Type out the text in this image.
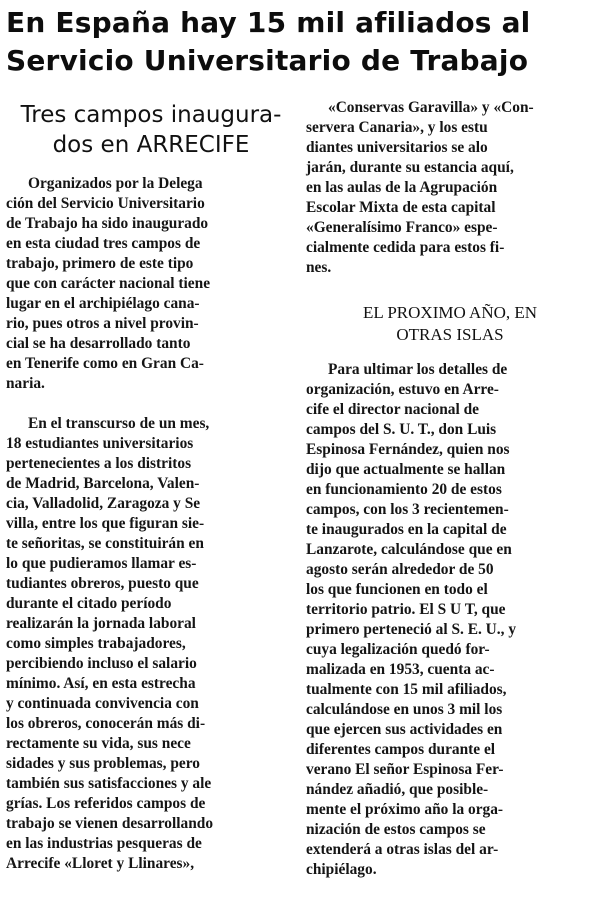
En España hay 15 mil afiliados al
Servicio Universitario de Trabajo
Tres campos inaugura-
dos en ARRECIFE
Organizados por la Delega
ción del Servicio Universitario
de Trabajo ha sido inaugurado
en esta ciudad tres campos de
trabajo, primero de este tipo
que con carácter nacional tiene
lugar en el archipiélago cana-
rio, pues otros a nivel provin-
cial se ha desarrollado tanto
en Tenerife como en Gran Ca-
naria.
En el transcurso de un mes,
18 estudiantes universitarios
pertenecientes a los distritos
de Madrid, Barcelona, Valen-
cia, Valladolid, Zaragoza y Se
villa, entre los que figuran sie-
te señoritas, se constituirán en
lo que pudieramos llamar es-
tudiantes obreros, puesto que
durante el citado período
realizarán la jornada laboral
como simples trabajadores,
percibiendo incluso el salario
mínimo. Así, en esta estrecha
y continuada convivencia con
los obreros, conocerán más di-
rectamente su vida, sus nece
sidades y sus problemas, pero
también sus satisfacciones y ale
grías. Los referidos campos de
trabajo se vienen desarrollando
en las industrias pesqueras de
Arrecife «Lloret y Llinares»,
«Conservas Garavilla» y «Con-
servera Canaria», y los estu
diantes universitarios se alo
jarán, durante su estancia aquí,
en las aulas de la Agrupación
Escolar Mixta de esta capital
«Generalísimo Franco» espe-
cialmente cedida para estos fi-
nes.
EL PROXIMO AÑO, EN
OTRAS ISLAS
Para ultimar los detalles de
organización, estuvo en Arre-
cife el director nacional de
campos del S. U. T., don Luis
Espinosa Fernández, quien nos
dijo que actualmente se hallan
en funcionamiento 20 de estos
campos, con los 3 recientemen-
te inaugurados en la capital de
Lanzarote, calculándose que en
agosto serán alrededor de 50
los que funcionen en todo el
territorio patrio. El S U T, que
primero perteneció al S. E. U., y
cuya legalización quedó for-
malizada en 1953, cuenta ac-
tualmente con 15 mil afiliados,
calculándose en unos 3 mil los
que ejercen sus actividades en
diferentes campos durante el
verano El señor Espinosa Fer-
nández añadió, que posible-
mente el próximo año la orga-
nización de estos campos se
extenderá a otras islas del ar-
chipiélago.
